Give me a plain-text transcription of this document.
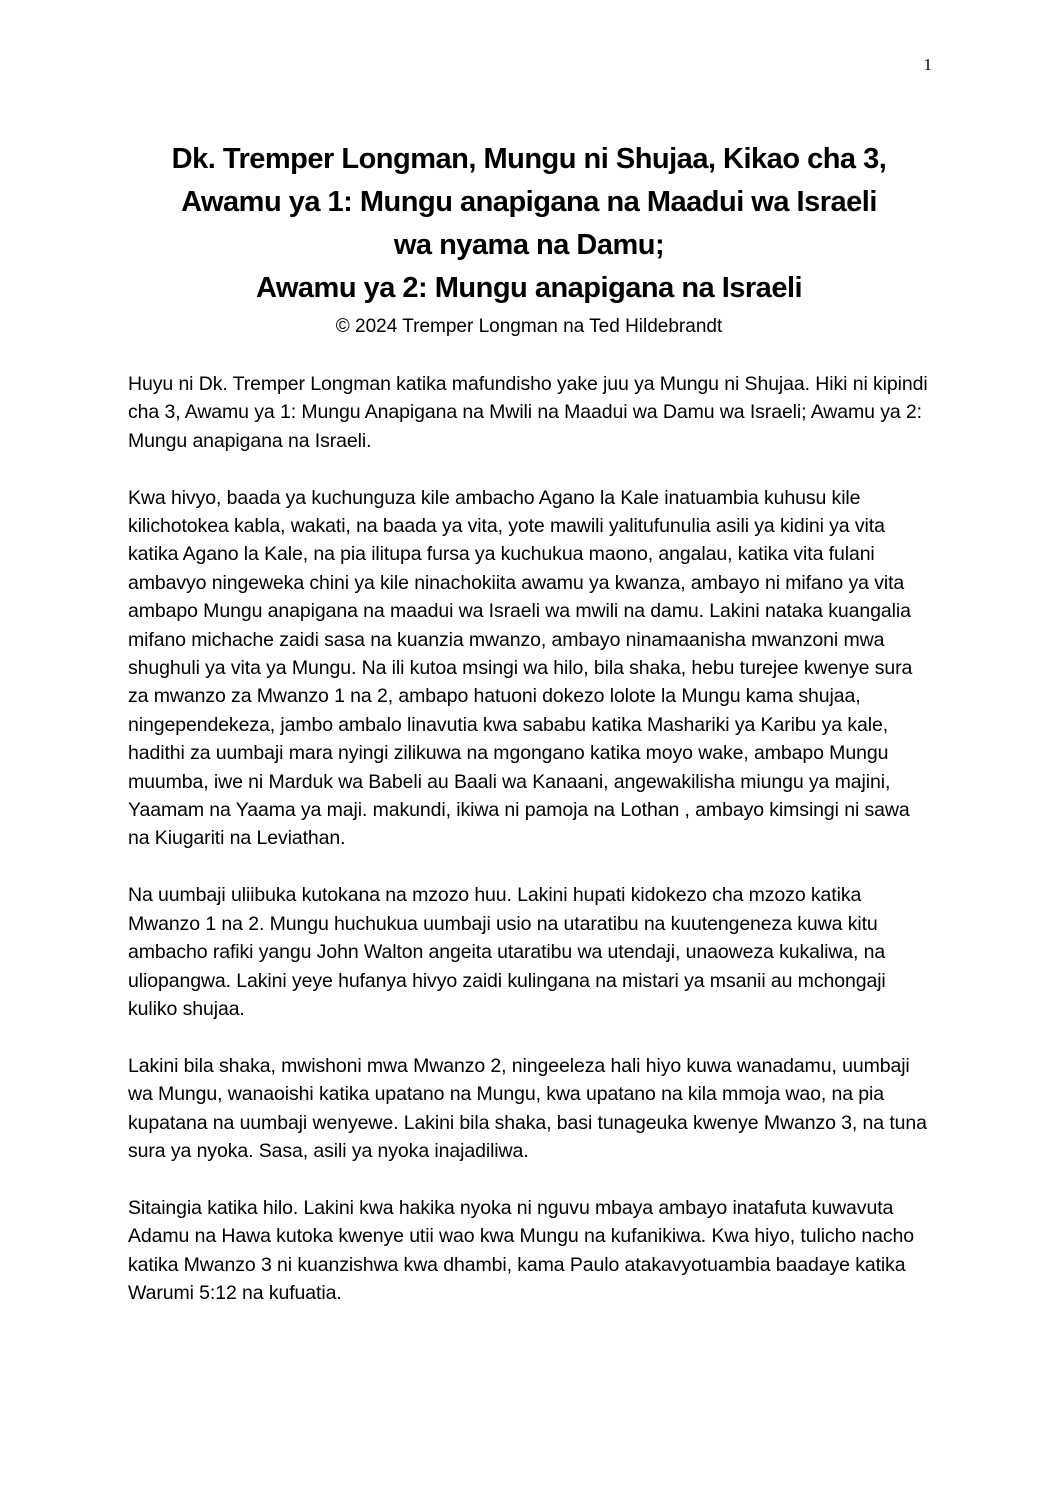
1
Dk. Tremper Longman, Mungu ni Shujaa, Kikao cha 3,
Awamu ya 1: Mungu anapigana na Maadui wa Israeli
wa nyama na Damu;
Awamu ya 2: Mungu anapigana na Israeli
© 2024 Tremper Longman na Ted Hildebrandt

Huyu ni Dk. Tremper Longman katika mafundisho yake juu ya Mungu ni Shujaa. Hiki ni kipindi cha 3, Awamu ya 1: Mungu Anapigana na Mwili na Maadui wa Damu wa Israeli; Awamu ya 2: Mungu anapigana na Israeli.

Kwa hivyo, baada ya kuchunguza kile ambacho Agano la Kale inatuambia kuhusu kile kilichotokea kabla, wakati, na baada ya vita, yote mawili yalitufunulia asili ya kidini ya vita katika Agano la Kale, na pia ilitupa fursa ya kuchukua maono, angalau, katika vita fulani ambavyo ningeweka chini ya kile ninachokiita awamu ya kwanza, ambayo ni mifano ya vita ambapo Mungu anapigana na maadui wa Israeli wa mwili na damu. Lakini nataka kuangalia mifano michache zaidi sasa na kuanzia mwanzo, ambayo ninamaanisha mwanzoni mwa shughuli ya vita ya Mungu. Na ili kutoa msingi wa hilo, bila shaka, hebu turejee kwenye sura za mwanzo za Mwanzo 1 na 2, ambapo hatuoni dokezo lolote la Mungu kama shujaa, ningependekeza, jambo ambalo linavutia kwa sababu katika Mashariki ya Karibu ya kale, hadithi za uumbaji mara nyingi zilikuwa na mgongano katika moyo wake, ambapo Mungu muumba, iwe ni Marduk wa Babeli au Baali wa Kanaani, angewakilisha miungu ya majini, Yaamam na Yaama ya maji. makundi, ikiwa ni pamoja na Lothan , ambayo kimsingi ni sawa na Kiugariti na Leviathan.

Na uumbaji uliibuka kutokana na mzozo huu. Lakini hupati kidokezo cha mzozo katika Mwanzo 1 na 2. Mungu huchukua uumbaji usio na utaratibu na kuutengeneza kuwa kitu ambacho rafiki yangu John Walton angeita utaratibu wa utendaji, unaoweza kukaliwa, na uliopangwa. Lakini yeye hufanya hivyo zaidi kulingana na mistari ya msanii au mchongaji kuliko shujaa.

Lakini bila shaka, mwishoni mwa Mwanzo 2, ningeeleza hali hiyo kuwa wanadamu, uumbaji wa Mungu, wanaoishi katika upatano na Mungu, kwa upatano na kila mmoja wao, na pia kupatana na uumbaji wenyewe. Lakini bila shaka, basi tunageuka kwenye Mwanzo 3, na tuna sura ya nyoka. Sasa, asili ya nyoka inajadiliwa.

Sitaingia katika hilo. Lakini kwa hakika nyoka ni nguvu mbaya ambayo inatafuta kuwavuta Adamu na Hawa kutoka kwenye utii wao kwa Mungu na kufanikiwa. Kwa hiyo, tulicho nacho katika Mwanzo 3 ni kuanzishwa kwa dhambi, kama Paulo atakavyotuambia baadaye katika Warumi 5:12 na kufuatia.
